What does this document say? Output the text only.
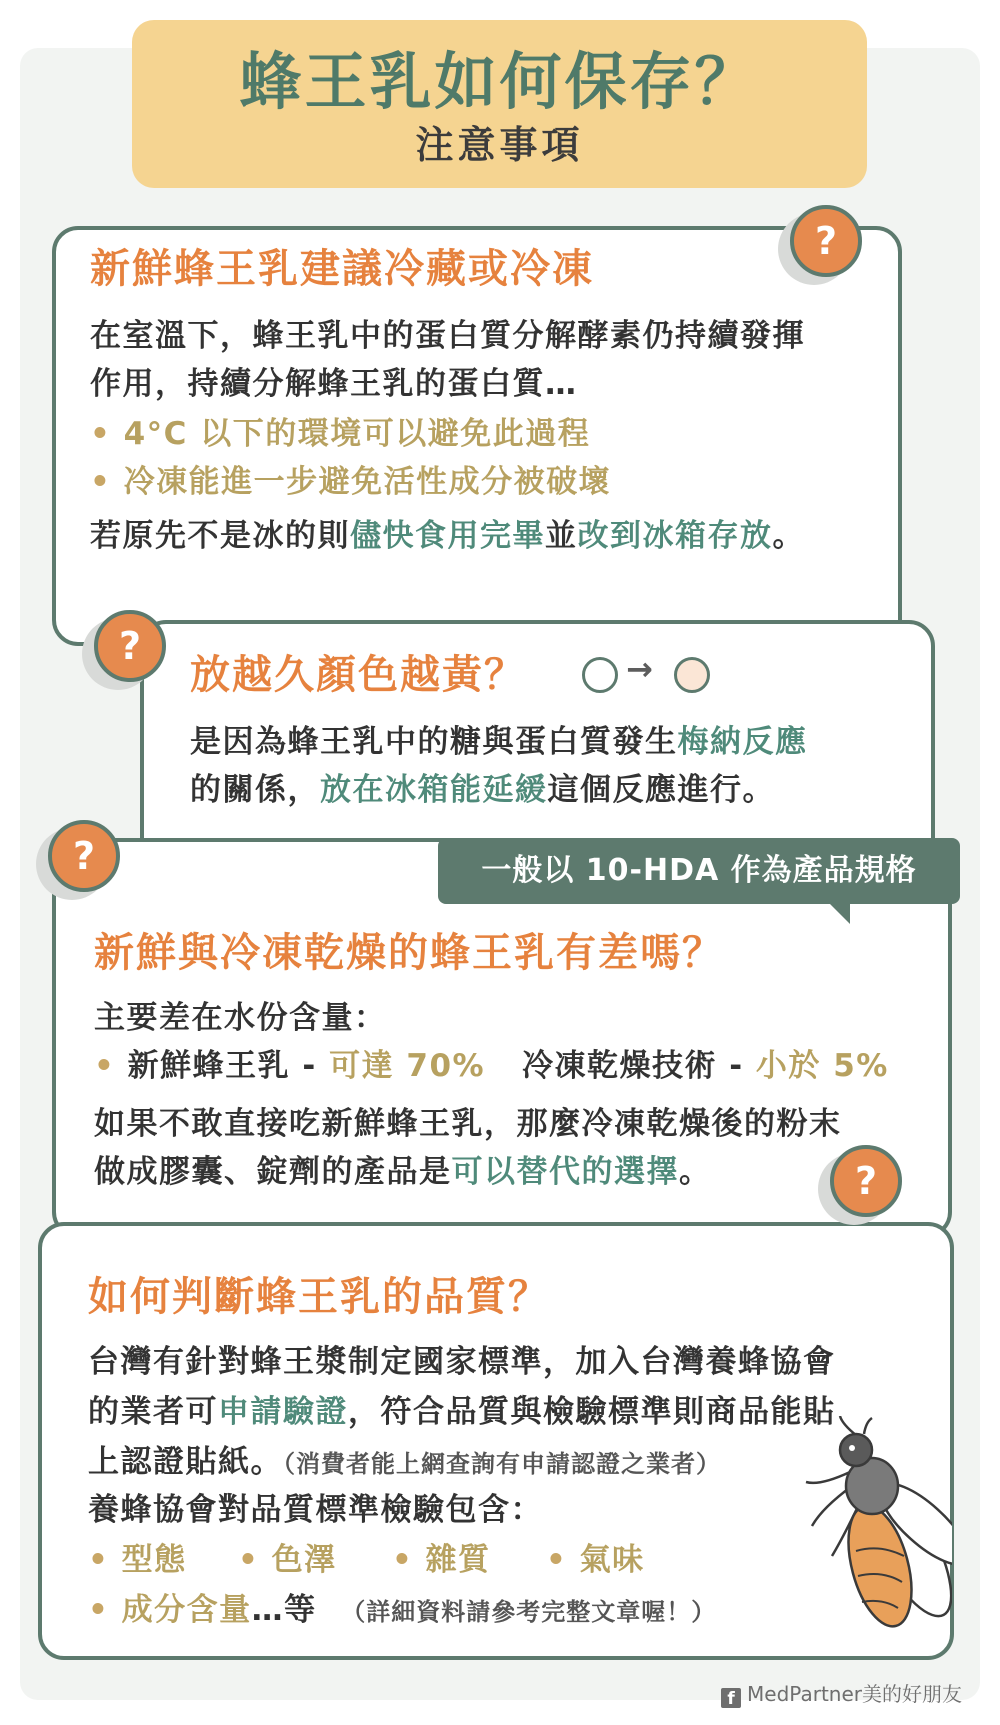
蜂王乳如何保存？
注意事項
新鮮蜂王乳建議冷藏或冷凍
在室溫下，蜂王乳中的蛋白質分解酵素仍持續發揮
作用，持續分解蜂王乳的蛋白質…
• 4°C 以下的環境可以避免此過程
• 冷凍能進一步避免活性成分被破壞
若原先不是冰的則儘快食用完畢並改到冰箱存放。
?
放越久顏色越黃？	→
是因為蜂王乳中的糖與蛋白質發生梅納反應
的關係，放在冰箱能延緩這個反應進行。
?
一般以 10-HDA 作為產品規格
新鮮與冷凍乾燥的蜂王乳有差嗎？
主要差在水份含量：
• 新鮮蜂王乳 - 可達 70% 冷凍乾燥技術 - 小於 5%
如果不敢直接吃新鮮蜂王乳，那麼冷凍乾燥後的粉末
做成膠囊、錠劑的產品是可以替代的選擇。
?
如何判斷蜂王乳的品質？
台灣有針對蜂王漿制定國家標準，加入台灣養蜂協會
的業者可申請驗證，符合品質與檢驗標準則商品能貼
上認證貼紙。（消費者能上網查詢有申請認證之業者）
養蜂協會對品質標準檢驗包含：
• 型態 • 色澤 • 雜質 • 氣味
• 成分含量…等 （詳細資料請參考完整文章喔！）
?
f MedPartner美的好朋友
